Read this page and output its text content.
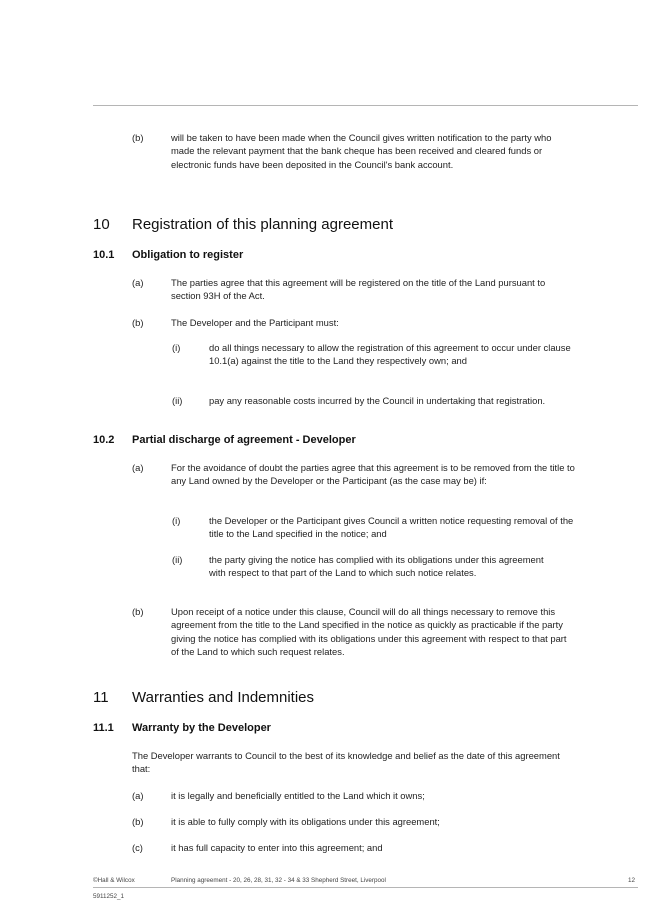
(b)	will be taken to have been made when the Council gives written notification to the party who made the relevant payment that the bank cheque has been received and cleared funds or electronic funds have been deposited in the Council's bank account.

10 Registration of this planning agreement
10.1 Obligation to register
(a)	The parties agree that this agreement will be registered on the title of the Land pursuant to section 93H of the Act.

(b)	The Developer and the Participant must:

(i)	do all things necessary to allow the registration of this agreement to occur under clause 10.1(a) against the title to the Land they respectively own; and

(ii)	pay any reasonable costs incurred by the Council in undertaking that registration.

10.2 Partial discharge of agreement - Developer
(a)	For the avoidance of doubt the parties agree that this agreement is to be removed from the title to any Land owned by the Developer or the Participant (as the case may be) if:

(i)	the Developer or the Participant gives Council a written notice requesting removal of the title to the Land specified in the notice; and

(ii)	the party giving the notice has complied with its obligations under this agreement with respect to that part of the Land to which such notice relates.

(b)	Upon receipt of a notice under this clause, Council will do all things necessary to remove this agreement from the title to the Land specified in the notice as quickly as practicable if the party giving the notice has complied with its obligations under this agreement with respect to that part of the Land to which such request relates.

11 Warranties and Indemnities
11.1 Warranty by the Developer

The Developer warrants to Council to the best of its knowledge and belief as the date of this agreement that:

(a)	it is legally and beneficially entitled to the Land which it owns;

(b)	it is able to fully comply with its obligations under this agreement;

(c)	it has full capacity to enter into this agreement; and

©Hall & Wilcox	Planning agreement - 20, 26, 28, 31, 32 - 34 & 33 Shepherd Street, Liverpool	12
5911252_1
